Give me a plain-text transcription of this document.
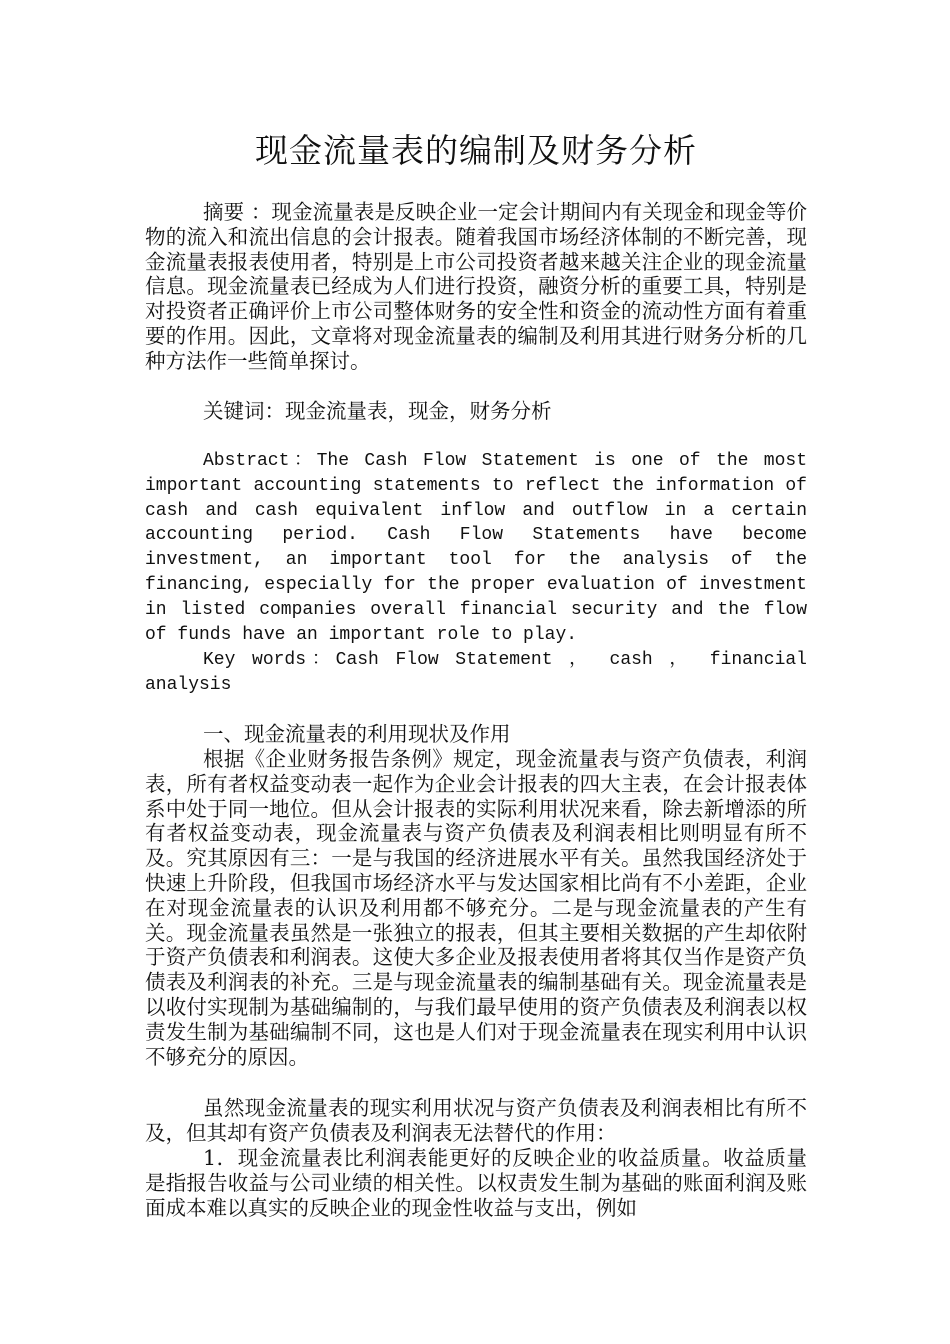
现金流量表的编制及财务分析

摘要 ：现金流量表是反映企业一定会计期间内有关现金和现金等价物的流入和流出信息的会计报表。随着我国市场经济体制的不断完善，现金流量表报表使用者，特别是上市公司投资者越来越关注企业的现金流量信息。现金流量表已经成为人们进行投资，融资分析的重要工具，特别是对投资者正确评价上市公司整体财务的安全性和资金的流动性方面有着重要的作用。因此，文章将对现金流量表的编制及利用其进行财务分析的几种方法作一些简单探讨。

关键词：现金流量表，现金，财务分析

Abstract：The Cash Flow Statement is one of the most important accounting statements to reflect the information of cash and cash equivalent inflow and outflow in a certain accounting period. Cash Flow Statements have become investment, an important tool for the analysis of the financing, especially for the proper evaluation of investment in listed companies overall financial security and the flow of funds have an important role to play.

Key words：Cash Flow Statement ， cash ， financial analysis

一、现金流量表的利用现状及作用

根据《企业财务报告条例》规定，现金流量表与资产负债表，利润表，所有者权益变动表一起作为企业会计报表的四大主表，在会计报表体系中处于同一地位。但从会计报表的实际利用状况来看，除去新增添的所有者权益变动表，现金流量表与资产负债表及利润表相比则明显有所不及。究其原因有三：一是与我国的经济进展水平有关。虽然我国经济处于快速上升阶段，但我国市场经济水平与发达国家相比尚有不小差距，企业在对现金流量表的认识及利用都不够充分。二是与现金流量表的产生有关。现金流量表虽然是一张独立的报表，但其主要相关数据的产生却依附于资产负债表和利润表。这使大多企业及报表使用者将其仅当作是资产负债表及利润表的补充。三是与现金流量表的编制基础有关。现金流量表是以收付实现制为基础编制的，与我们最早使用的资产负债表及利润表以权责发生制为基础编制不同，这也是人们对于现金流量表在现实利用中认识不够充分的原因。

虽然现金流量表的现实利用状况与资产负债表及利润表相比有所不及，但其却有资产负债表及利润表无法替代的作用：

1．现金流量表比利润表能更好的反映企业的收益质量。收益质量是指报告收益与公司业绩的相关性。以权责发生制为基础的账面利润及账面成本难以真实的反映企业的现金性收益与支出，例如
